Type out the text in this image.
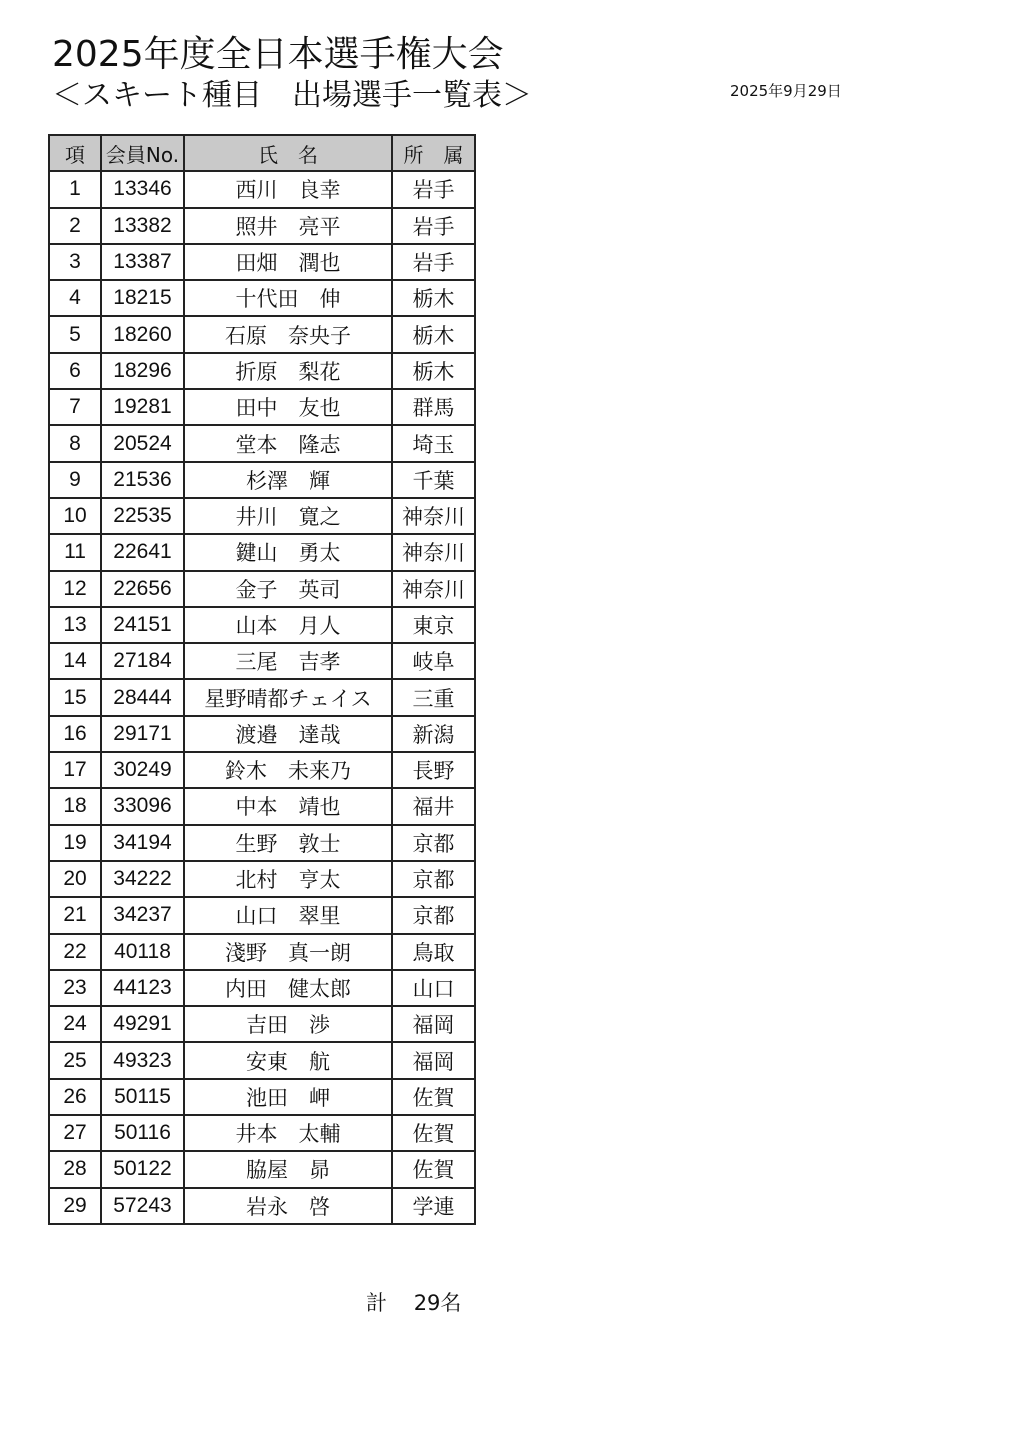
2025年度全日本選手権大会
＜スキート種目　出場選手一覧表＞	2025年9月29日
項	会員No.	氏　名	所　属
1	13346	西川　良幸	岩手
2	13382	照井　亮平	岩手
3	13387	田畑　潤也	岩手
4	18215	十代田　伸	栃木
5	18260	石原　奈央子	栃木
6	18296	折原　梨花	栃木
7	19281	田中　友也	群馬
8	20524	堂本　隆志	埼玉
9	21536	杉澤　輝	千葉
10	22535	井川　寛之	神奈川
11	22641	鍵山　勇太	神奈川
12	22656	金子　英司	神奈川
13	24151	山本　月人	東京
14	27184	三尾　吉孝	岐阜
15	28444	星野晴都チェイス	三重
16	29171	渡邉　達哉	新潟
17	30249	鈴木　未来乃	長野
18	33096	中本　靖也	福井
19	34194	生野　敦士	京都
20	34222	北村　亨太	京都
21	34237	山口　翠里	京都
22	40118	淺野　真一朗	鳥取
23	44123	内田　健太郎	山口
24	49291	吉田　渉	福岡
25	49323	安東　航	福岡
26	50115	池田　岬	佐賀
27	50116	井本　太輔	佐賀
28	50122	脇屋　昴	佐賀
29	57243	岩永　啓	学連
計 29名
